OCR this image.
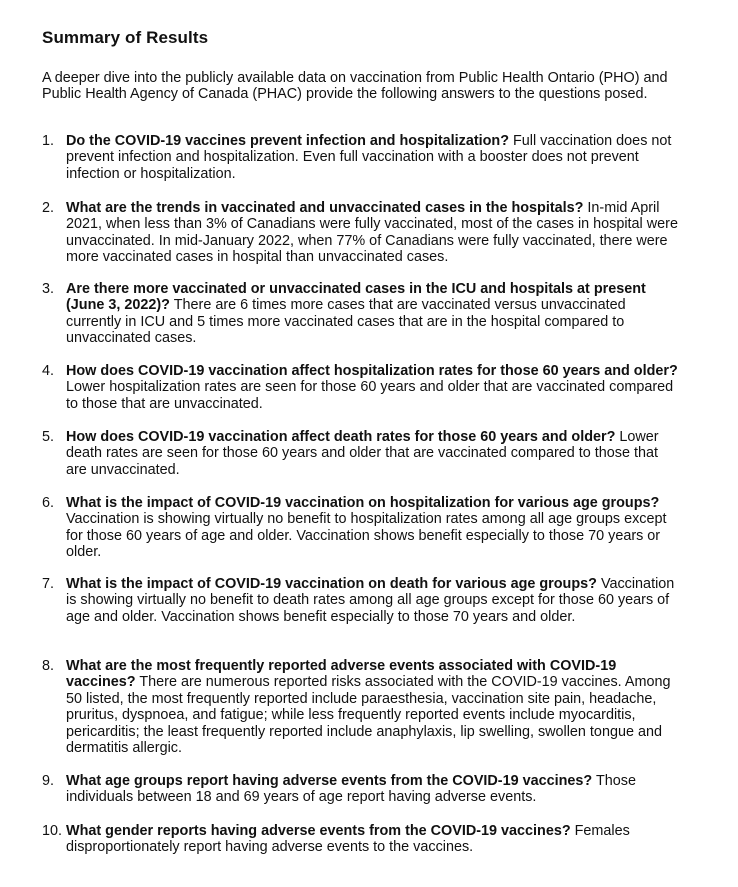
Summary of Results
A deeper dive into the publicly available data on vaccination from Public Health Ontario (PHO) and Public Health Agency of Canada (PHAC) provide the following answers to the questions posed.
1. Do the COVID-19 vaccines prevent infection and hospitalization? Full vaccination does not prevent infection and hospitalization. Even full vaccination with a booster does not prevent infection or hospitalization.
2. What are the trends in vaccinated and unvaccinated cases in the hospitals? In-mid April 2021, when less than 3% of Canadians were fully vaccinated, most of the cases in hospital were unvaccinated. In mid-January 2022, when 77% of Canadians were fully vaccinated, there were more vaccinated cases in hospital than unvaccinated cases.
3. Are there more vaccinated or unvaccinated cases in the ICU and hospitals at present (June 3, 2022)? There are 6 times more cases that are vaccinated versus unvaccinated currently in ICU and 5 times more vaccinated cases that are in the hospital compared to unvaccinated cases.
4. How does COVID-19 vaccination affect hospitalization rates for those 60 years and older? Lower hospitalization rates are seen for those 60 years and older that are vaccinated compared to those that are unvaccinated.
5. How does COVID-19 vaccination affect death rates for those 60 years and older? Lower death rates are seen for those 60 years and older that are vaccinated compared to those that are unvaccinated.
6. What is the impact of COVID-19 vaccination on hospitalization for various age groups? Vaccination is showing virtually no benefit to hospitalization rates among all age groups except for those 60 years of age and older. Vaccination shows benefit especially to those 70 years or older.
7. What is the impact of COVID-19 vaccination on death for various age groups? Vaccination is showing virtually no benefit to death rates among all age groups except for those 60 years of age and older. Vaccination shows benefit especially to those 70 years and older.
8. What are the most frequently reported adverse events associated with COVID-19 vaccines? There are numerous reported risks associated with the COVID-19 vaccines. Among 50 listed, the most frequently reported include paraesthesia, vaccination site pain, headache, pruritus, dyspnoea, and fatigue; while less frequently reported events include myocarditis, pericarditis; the least frequently reported include anaphylaxis, lip swelling, swollen tongue and dermatitis allergic.
9. What age groups report having adverse events from the COVID-19 vaccines? Those individuals between 18 and 69 years of age report having adverse events.
10. What gender reports having adverse events from the COVID-19 vaccines? Females disproportionately report having adverse events to the vaccines.
